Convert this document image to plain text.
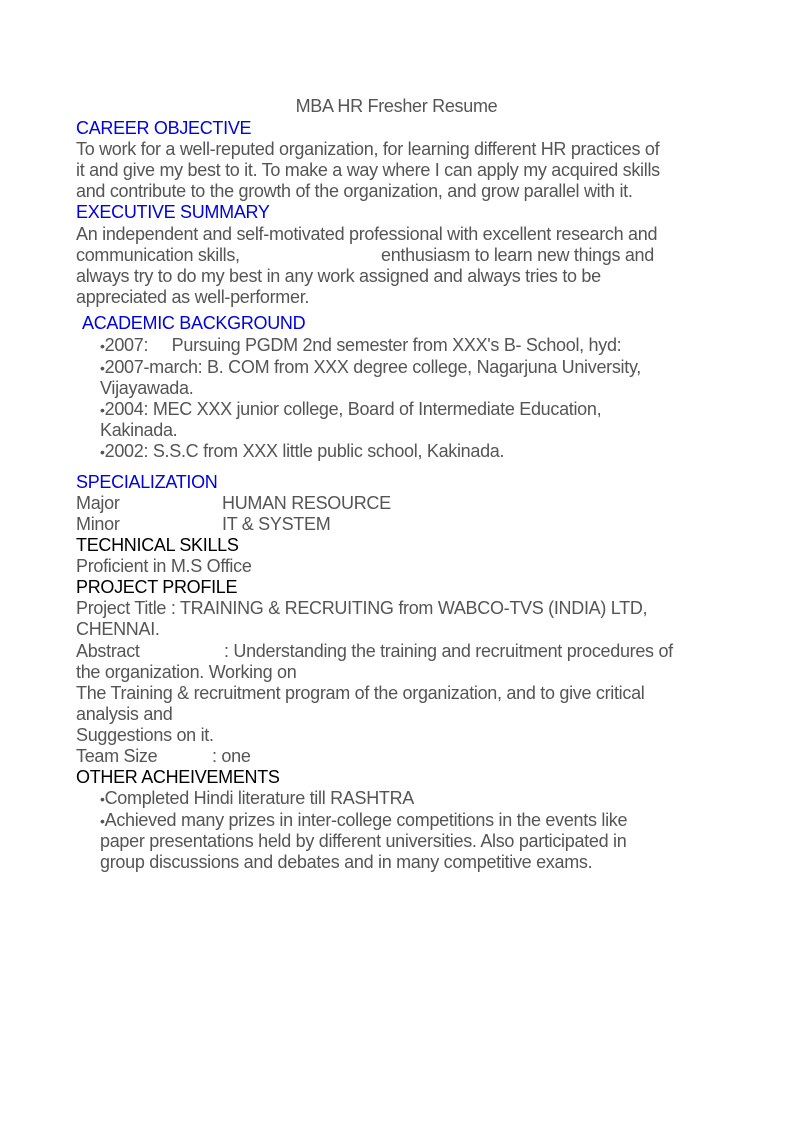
MBA HR Fresher Resume
CAREER OBJECTIVE
To work for a well-reputed organization, for learning different HR practices of
it and give my best to it. To make a way where I can apply my acquired skills
and contribute to the growth of the organization, and grow parallel with it.
EXECUTIVE SUMMARY
An independent and self-motivated professional with excellent research and
communication skills,	enthusiasm to learn new things and
always try to do my best in any work assigned and always tries to be
appreciated as well-performer.
ACADEMIC BACKGROUND
•2007:     Pursuing PGDM 2nd semester from XXX's B- School, hyd:
•2007-march: B. COM from XXX degree college, Nagarjuna University,
Vijayawada.
•2004: MEC XXX junior college, Board of Intermediate Education,
Kakinada.
•2002: S.S.C from XXX little public school, Kakinada.
SPECIALIZATION
Major	HUMAN RESOURCE
Minor	IT & SYSTEM
TECHNICAL SKILLS
Proficient in M.S Office
PROJECT PROFILE
Project Title : TRAINING & RECRUITING from WABCO-TVS (INDIA) LTD,
CHENNAI.
Abstract	: Understanding the training and recruitment procedures of
the organization. Working on
The Training & recruitment program of the organization, and to give critical
analysis and
Suggestions on it.
Team Size	: one
OTHER ACHEIVEMENTS
•Completed Hindi literature till RASHTRA
•Achieved many prizes in inter-college competitions in the events like
paper presentations held by different universities. Also participated in
group discussions and debates and in many competitive exams.
